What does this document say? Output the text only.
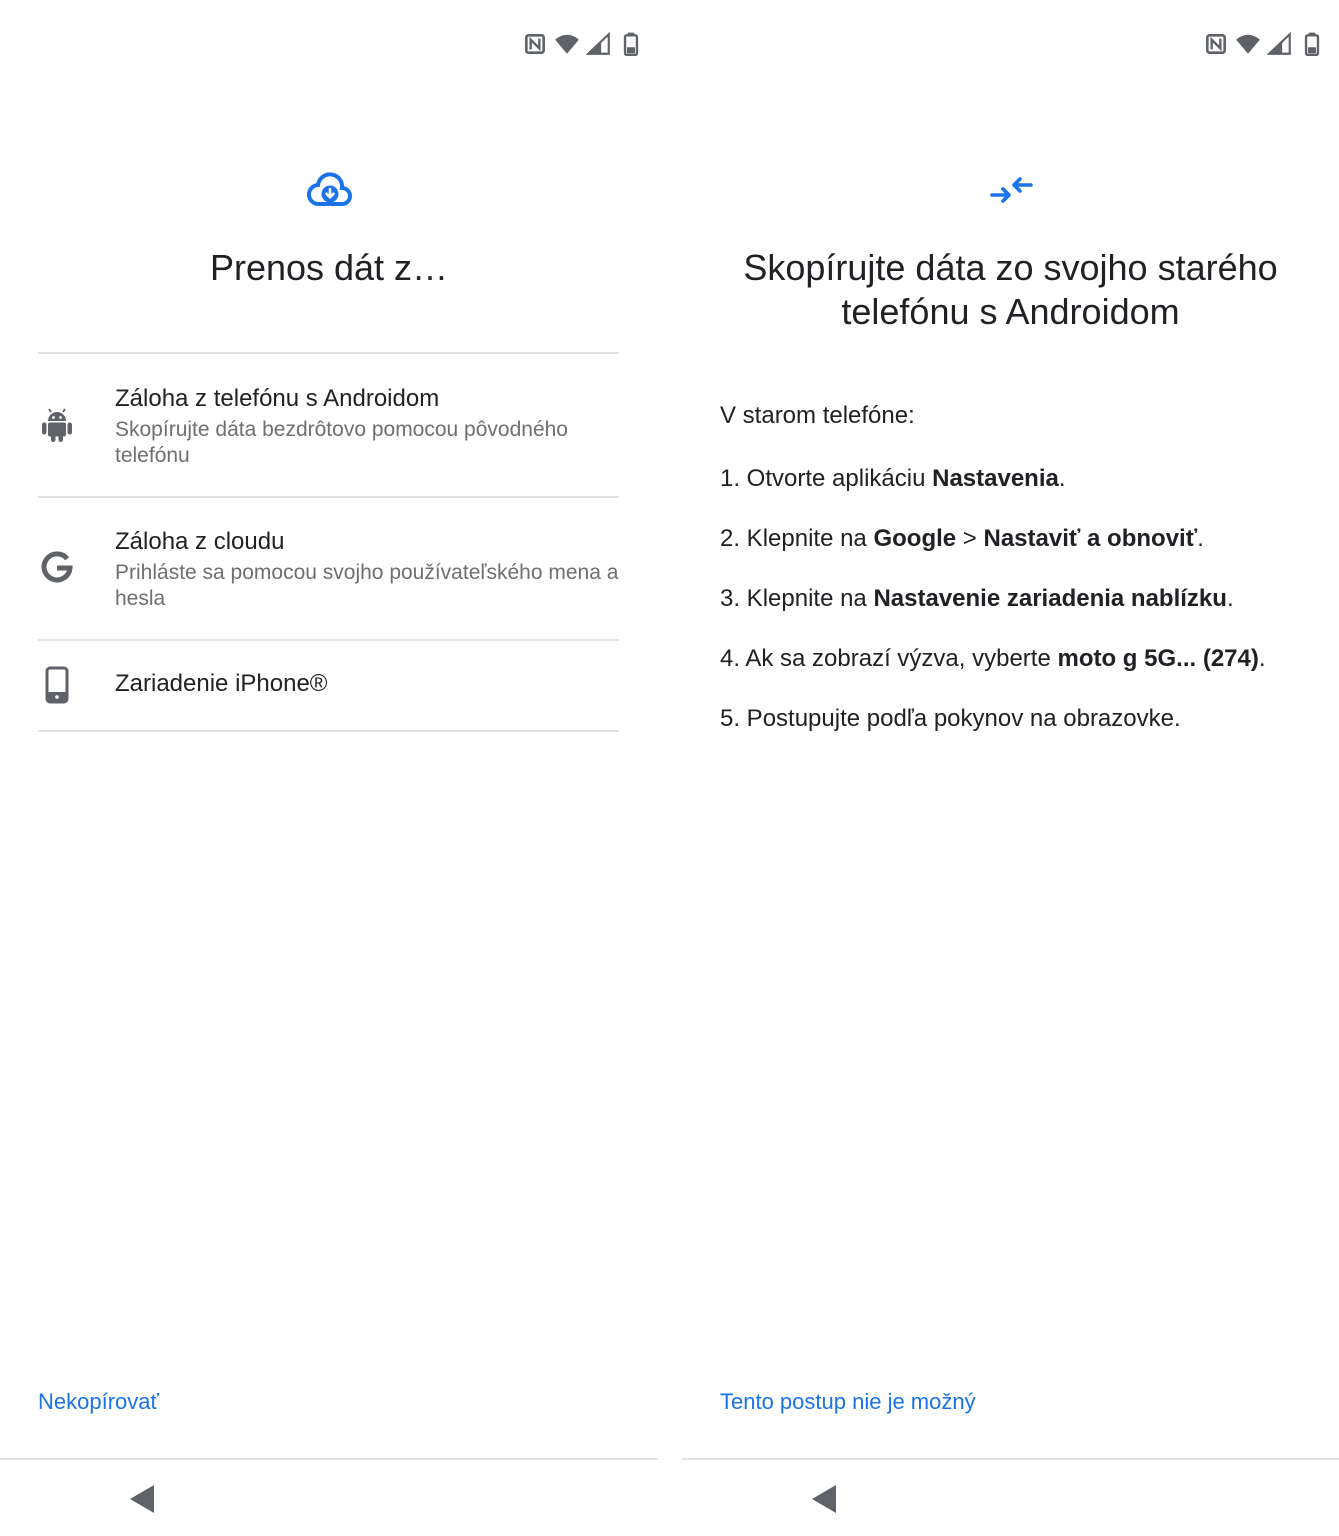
Prenos dát z…
Záloha z telefónu s Androidom
Skopírujte dáta bezdrôtovo pomocou pôvodného telefónu
Záloha z cloudu
Prihláste sa pomocou svojho používateľského mena a hesla
Zariadenie iPhone®
Nekopírovať
Skopírujte dáta zo svojho starého telefónu s Androidom
V starom telefóne:
1. Otvorte aplikáciu Nastavenia.
2. Klepnite na Google > Nastaviť a obnoviť.
3. Klepnite na Nastavenie zariadenia nablízku.
4. Ak sa zobrazí výzva, vyberte moto g 5G... (274).
5. Postupujte podľa pokynov na obrazovke.
Tento postup nie je možný
